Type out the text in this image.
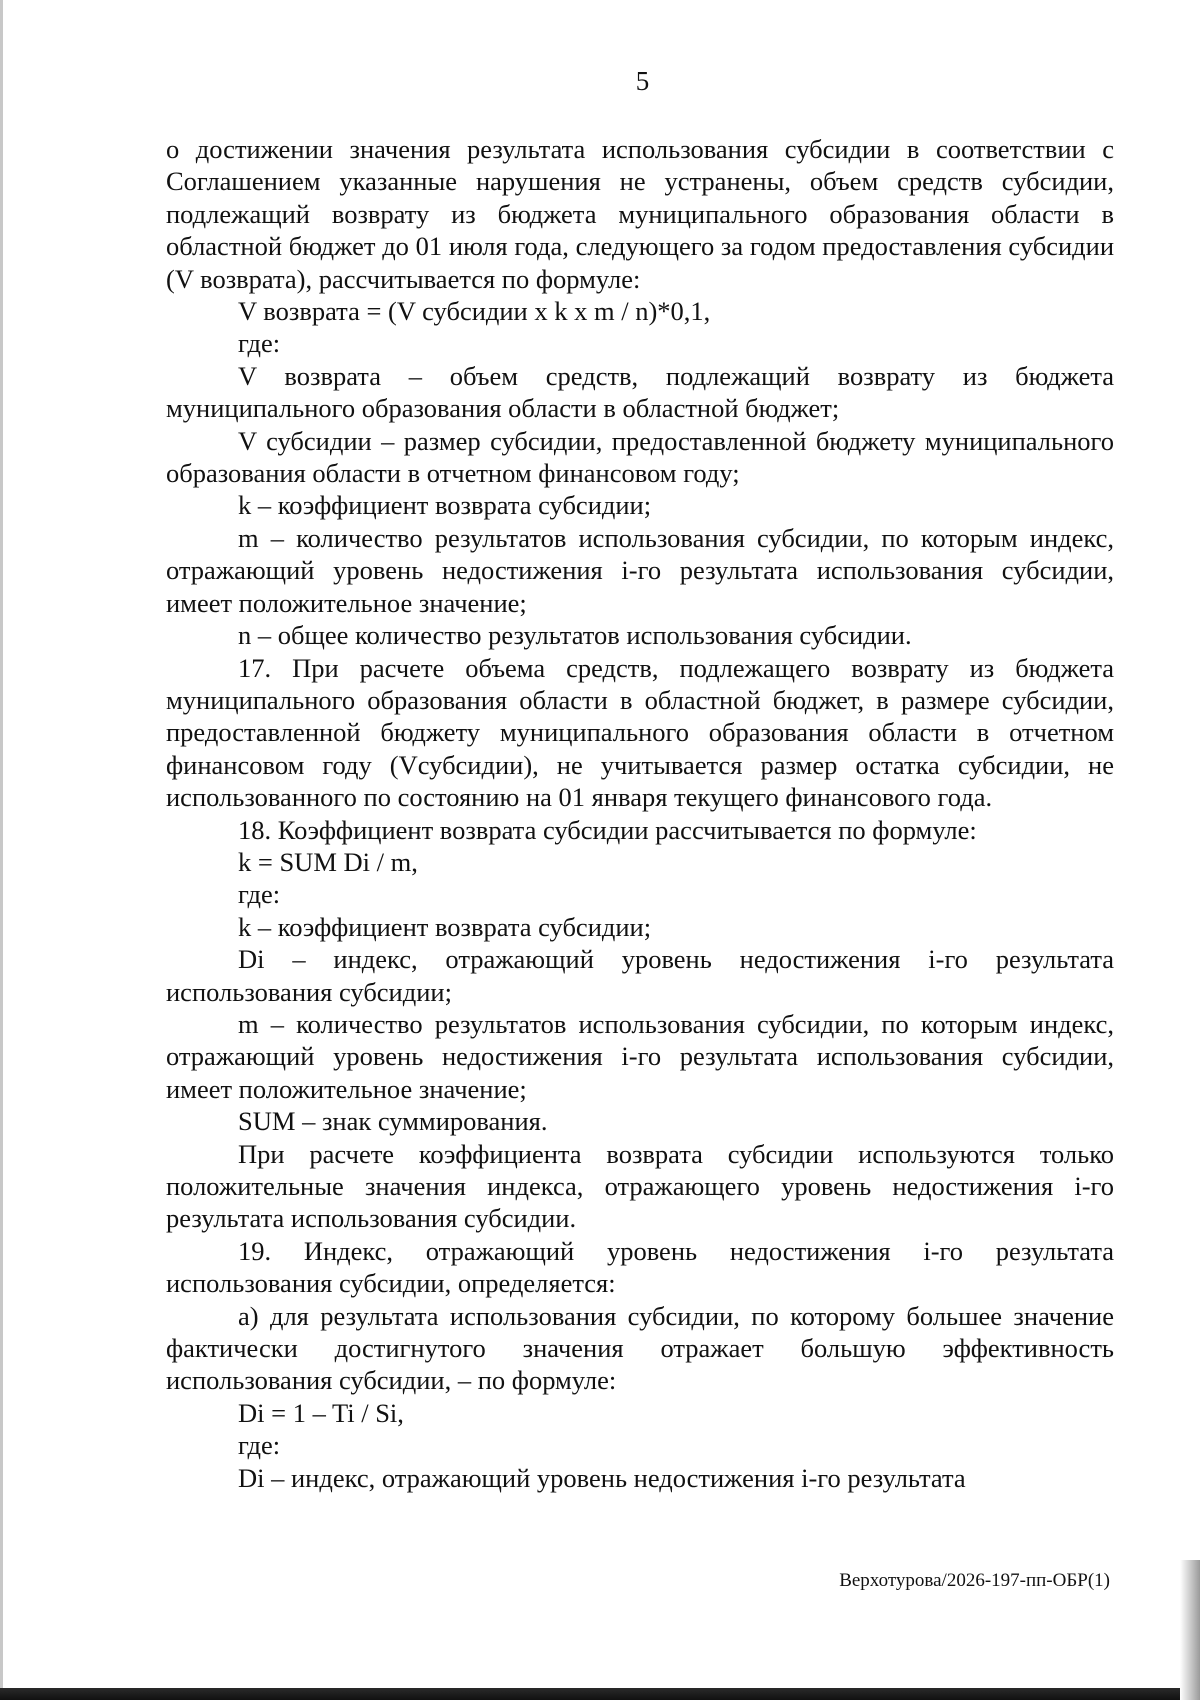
5

о достижении значения результата использования субсидии в соответствии с Соглашением указанные нарушения не устранены, объем средств субсидии, подлежащий возврату из бюджета муниципального образования области в областной бюджет до 01 июля года, следующего за годом предоставления субсидии (V возврата), рассчитывается по формуле:

V возврата = (V субсидии x k x m / n)*0,1,

где:

V возврата – объем средств, подлежащий возврату из бюджета муниципального образования области в областной бюджет;

V субсидии – размер субсидии, предоставленной бюджету муниципального образования области в отчетном финансовом году;

k – коэффициент возврата субсидии;

m – количество результатов использования субсидии, по которым индекс, отражающий уровень недостижения i-го результата использования субсидии, имеет положительное значение;

n – общее количество результатов использования субсидии.

17. При расчете объема средств, подлежащего возврату из бюджета муниципального образования области в областной бюджет, в размере субсидии, предоставленной бюджету муниципального образования области в отчетном финансовом году (Vсубсидии), не учитывается размер остатка субсидии, не использованного по состоянию на 01 января текущего финансового года.

18. Коэффициент возврата субсидии рассчитывается по формуле:

k = SUM Di / m,

где:

k – коэффициент возврата субсидии;

Di – индекс, отражающий уровень недостижения i-го результата использования субсидии;

m – количество результатов использования субсидии, по которым индекс, отражающий уровень недостижения i-го результата использования субсидии, имеет положительное значение;

SUM – знак суммирования.

При расчете коэффициента возврата субсидии используются только положительные значения индекса, отражающего уровень недостижения i-го результата использования субсидии.

19. Индекс, отражающий уровень недостижения i-го результата использования субсидии, определяется:

а) для результата использования субсидии, по которому большее значение фактически достигнутого значения отражает большую эффективность использования субсидии, – по формуле:

Di = 1 – Ti / Si,

где:

Di – индекс, отражающий уровень недостижения i-го результата

Верхотурова/2026-197-пп-ОБР(1)
